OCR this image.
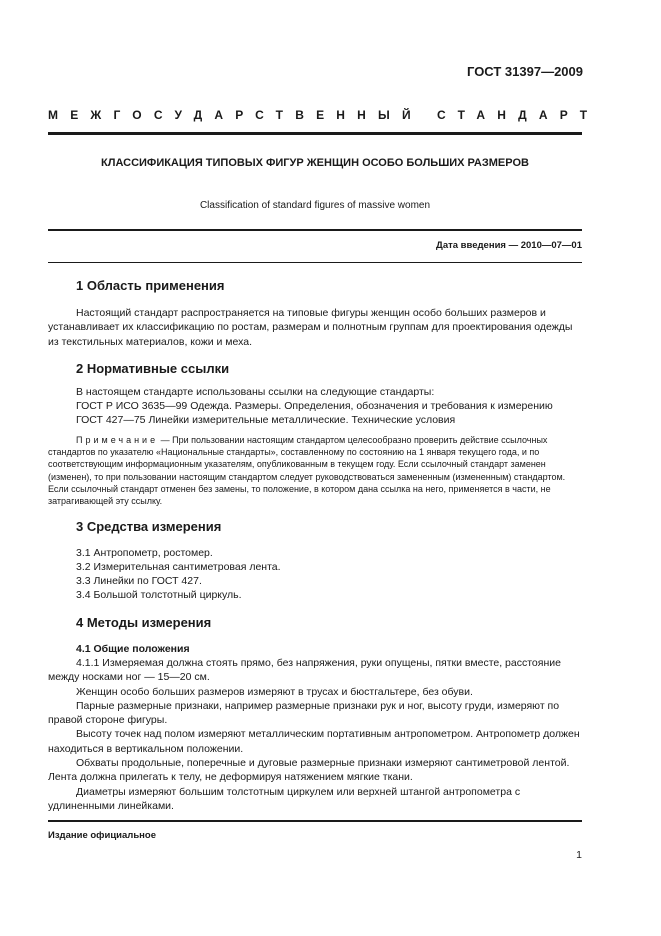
ГОСТ 31397—2009
МЕЖГОСУДАРСТВЕННЫЙ СТАНДАРТ
КЛАССИФИКАЦИЯ ТИПОВЫХ ФИГУР ЖЕНЩИН ОСОБО БОЛЬШИХ РАЗМЕРОВ
Classification of standard figures of massive women
Дата введения — 2010—07—01
1 Область применения

Настоящий стандарт распространяется на типовые фигуры женщин особо больших размеров и устанавливает их классификацию по ростам, размерам и полнотным группам для проектирования одежды из текстильных материалов, кожи и меха.

2 Нормативные ссылки
В настоящем стандарте использованы ссылки на следующие стандарты:
ГОСТ Р ИСО 3635—99 Одежда. Размеры. Определения, обозначения и требования к измерению
ГОСТ 427—75 Линейки измерительные металлические. Технические условия
Примечание — При пользовании настоящим стандартом целесообразно проверить действие ссылочных стандартов по указателю «Национальные стандарты», составленному по состоянию на 1 января текущего года, и по соответствующим информационным указателям, опубликованным в текущем году. Если ссылочный стандарт заменен (изменен), то при пользовании настоящим стандартом следует руководствоваться замененным (измененным) стандартом. Если ссылочный стандарт отменен без замены, то положение, в котором дана ссылка на него, применяется в части, не затрагивающей эту ссылку.
3 Средства измерения
3.1 Антропометр, ростомер.
3.2 Измерительная сантиметровая лента.
3.3 Линейки по ГОСТ 427.
3.4 Большой толстотный циркуль.
4 Методы измерения
4.1 Общие положения

4.1.1 Измеряемая должна стоять прямо, без напряжения, руки опущены, пятки вместе, расстояние между носками ног — 15—20 см.

Женщин особо больших размеров измеряют в трусах и бюстгальтере, без обуви.

Парные размерные признаки, например размерные признаки рук и ног, высоту груди, измеряют по правой стороне фигуры.

Высоту точек над полом измеряют металлическим портативным антропометром. Антропометр должен находиться в вертикальном положении.

Обхваты продольные, поперечные и дуговые размерные признаки измеряют сантиметровой лентой. Лента должна прилегать к телу, не деформируя натяжением мягкие ткани.

Диаметры измеряют большим толстотным циркулем или верхней штангой антропометра с удлиненными линейками.

Издание официальное
1
